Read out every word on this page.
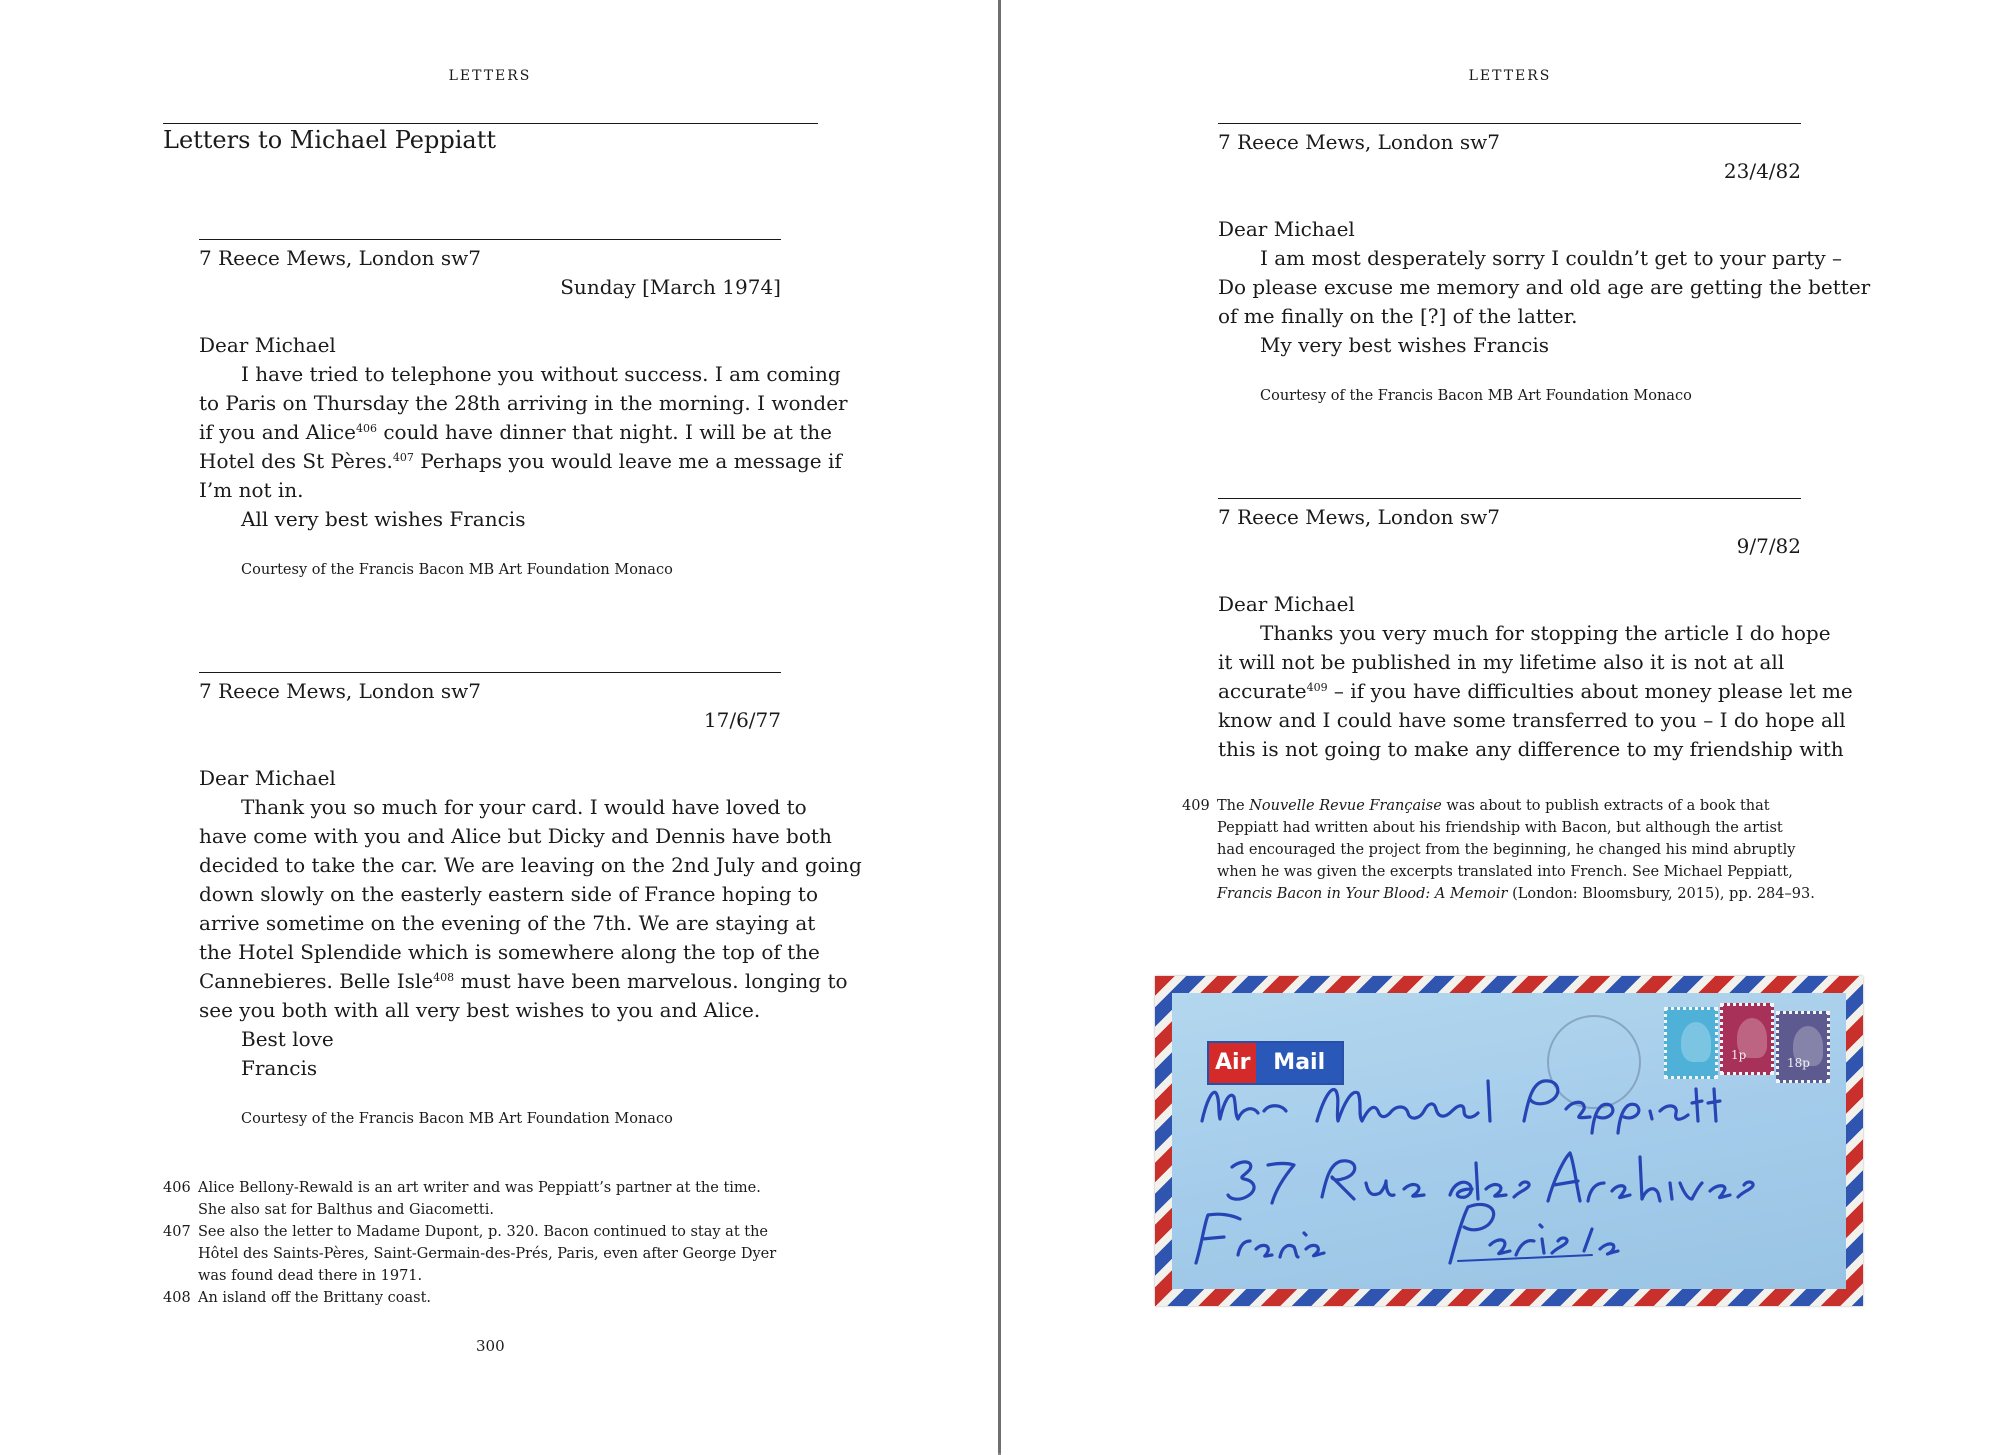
LETTERS
Letters to Michael Peppiatt
7 Reece Mews, London sw7
Sunday [March 1974]
Dear Michael
I have tried to telephone you without success. I am coming
to Paris on Thursday the 28th arriving in the morning. I wonder
if you and Alice$^{406}$ could have dinner that night. I will be at the
Hotel des St Pères.$^{407}$ Perhaps you would leave me a message if
I’m not in.
All very best wishes Francis
Courtesy of the Francis Bacon MB Art Foundation Monaco
7 Reece Mews, London sw7
17/6/77
Dear Michael
Thank you so much for your card. I would have loved to
have come with you and Alice but Dicky and Dennis have both
decided to take the car. We are leaving on the 2nd July and going
down slowly on the easterly eastern side of France hoping to
arrive sometime on the evening of the 7th. We are staying at
the Hotel Splendide which is somewhere along the top of the
Cannebieres. Belle Isle$^{408}$ must have been marvelous. longing to
see you both with all very best wishes to you and Alice.
Best love
Francis
Courtesy of the Francis Bacon MB Art Foundation Monaco
406 Alice Bellony-Rewald is an art writer and was Peppiatt’s partner at the time.
She also sat for Balthus and Giacometti.
407 See also the letter to Madame Dupont, p. 320. Bacon continued to stay at the
Hôtel des Saints-Pères, Saint-Germain-des-Prés, Paris, even after George Dyer
was found dead there in 1971.
408 An island off the Brittany coast.
300
LETTERS
7 Reece Mews, London sw7
23/4/82
Dear Michael
I am most desperately sorry I couldn’t get to your party –
Do please excuse me memory and old age are getting the better
of me finally on the [?] of the latter.
My very best wishes Francis
Courtesy of the Francis Bacon MB Art Foundation Monaco
7 Reece Mews, London sw7
9/7/82
Dear Michael
Thanks you very much for stopping the article I do hope
it will not be published in my lifetime also it is not at all
accurate$^{409}$ – if you have difficulties about money please let me
know and I could have some transferred to you – I do hope all
this is not going to make any difference to my friendship with
409 The Nouvelle Revue Française was about to publish extracts of a book that
Peppiatt had written about his friendship with Bacon, but although the artist
had encouraged the project from the beginning, he changed his mind abruptly
when he was given the excerpts translated into French. See Michael Peppiatt,
Francis Bacon in Your Blood: A Memoir (London: Bloomsbury, 2015), pp. 284–93.
Air	Mail	1p
18p
